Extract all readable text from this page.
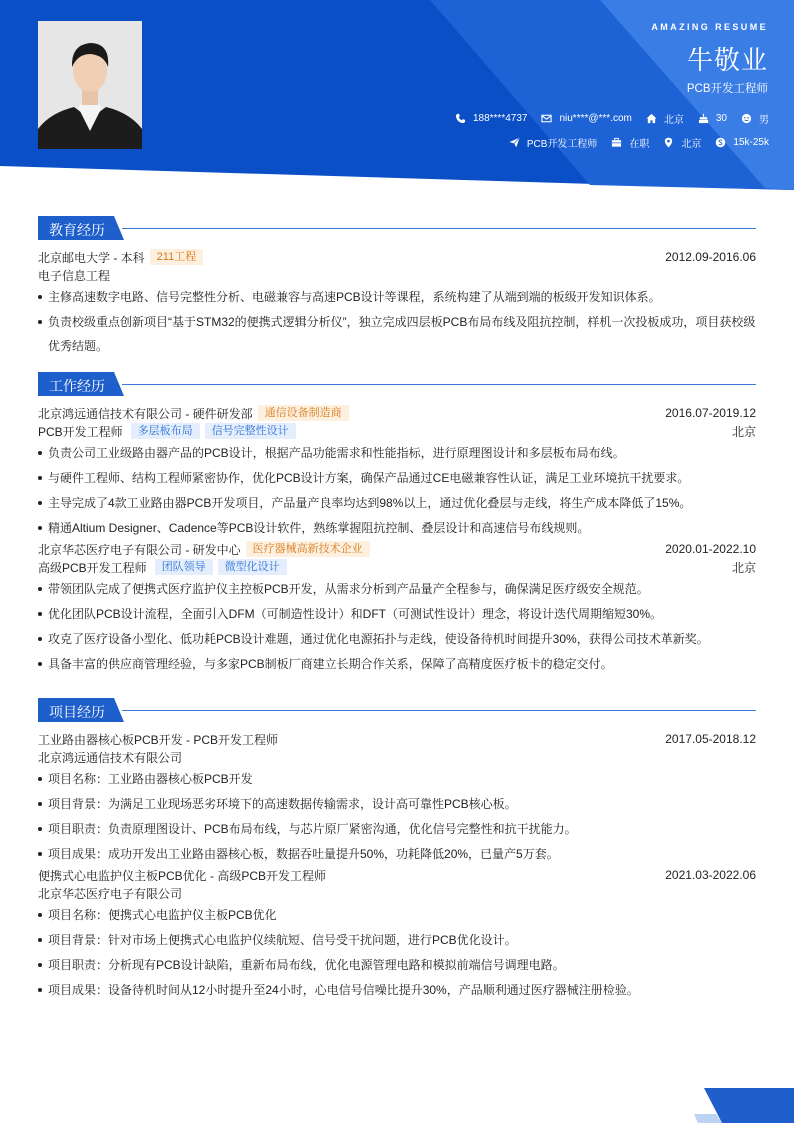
AMAZING RESUME
牛敬业
PCB开发工程师
188****4737	niu****@***.com	北京	30	男
PCB开发工程师	在职	北京	15k-25k
教育经历
北京邮电大学 - 本科	211工程	2012.09-2016.06
电子信息工程
主修高速数字电路、信号完整性分析、电磁兼容与高速PCB设计等课程，系统构建了从端到端的板级开发知识体系。
负责校级重点创新项目“基于STM32的便携式逻辑分析仪”，独立完成四层板PCB布局布线及阻抗控制，样机一次投板成功，项目获校级优秀结题。
工作经历
北京鸿远通信技术有限公司 - 硬件研发部	通信设备制造商	2016.07-2019.12
PCB开发工程师	多层板布局	信号完整性设计	北京
负责公司工业级路由器产品的PCB设计，根据产品功能需求和性能指标，进行原理图设计和多层板布局布线。
与硬件工程师、结构工程师紧密协作，优化PCB设计方案，确保产品通过CE电磁兼容性认证，满足工业环境抗干扰要求。
主导完成了4款工业路由器PCB开发项目，产品量产良率均达到98%以上，通过优化叠层与走线，将生产成本降低了15%。
精通Altium Designer、Cadence等PCB设计软件，熟练掌握阻抗控制、叠层设计和高速信号布线规则。
北京华芯医疗电子有限公司 - 研发中心	医疗器械高新技术企业	2020.01-2022.10
高级PCB开发工程师	团队领导	微型化设计	北京
带领团队完成了便携式医疗监护仪主控板PCB开发，从需求分析到产品量产全程参与，确保满足医疗级安全规范。
优化团队PCB设计流程，全面引入DFM（可制造性设计）和DFT（可测试性设计）理念，将设计迭代周期缩短30%。
攻克了医疗设备小型化、低功耗PCB设计难题，通过优化电源拓扑与走线，使设备待机时间提升30%，获得公司技术革新奖。
具备丰富的供应商管理经验，与多家PCB制板厂商建立长期合作关系，保障了高精度医疗板卡的稳定交付。
项目经历
工业路由器核心板PCB开发 - PCB开发工程师	2017.05-2018.12
北京鸿远通信技术有限公司
项目名称：工业路由器核心板PCB开发
项目背景：为满足工业现场恶劣环境下的高速数据传输需求，设计高可靠性PCB核心板。
项目职责：负责原理图设计、PCB布局布线，与芯片原厂紧密沟通，优化信号完整性和抗干扰能力。
项目成果：成功开发出工业路由器核心板，数据吞吐量提升50%，功耗降低20%，已量产5万套。
便携式心电监护仪主板PCB优化 - 高级PCB开发工程师	2021.03-2022.06
北京华芯医疗电子有限公司
项目名称：便携式心电监护仪主板PCB优化
项目背景：针对市场上便携式心电监护仪续航短、信号受干扰问题，进行PCB优化设计。
项目职责：分析现有PCB设计缺陷，重新布局布线，优化电源管理电路和模拟前端信号调理电路。
项目成果：设备待机时间从12小时提升至24小时，心电信号信噪比提升30%，产品顺利通过医疗器械注册检验。
